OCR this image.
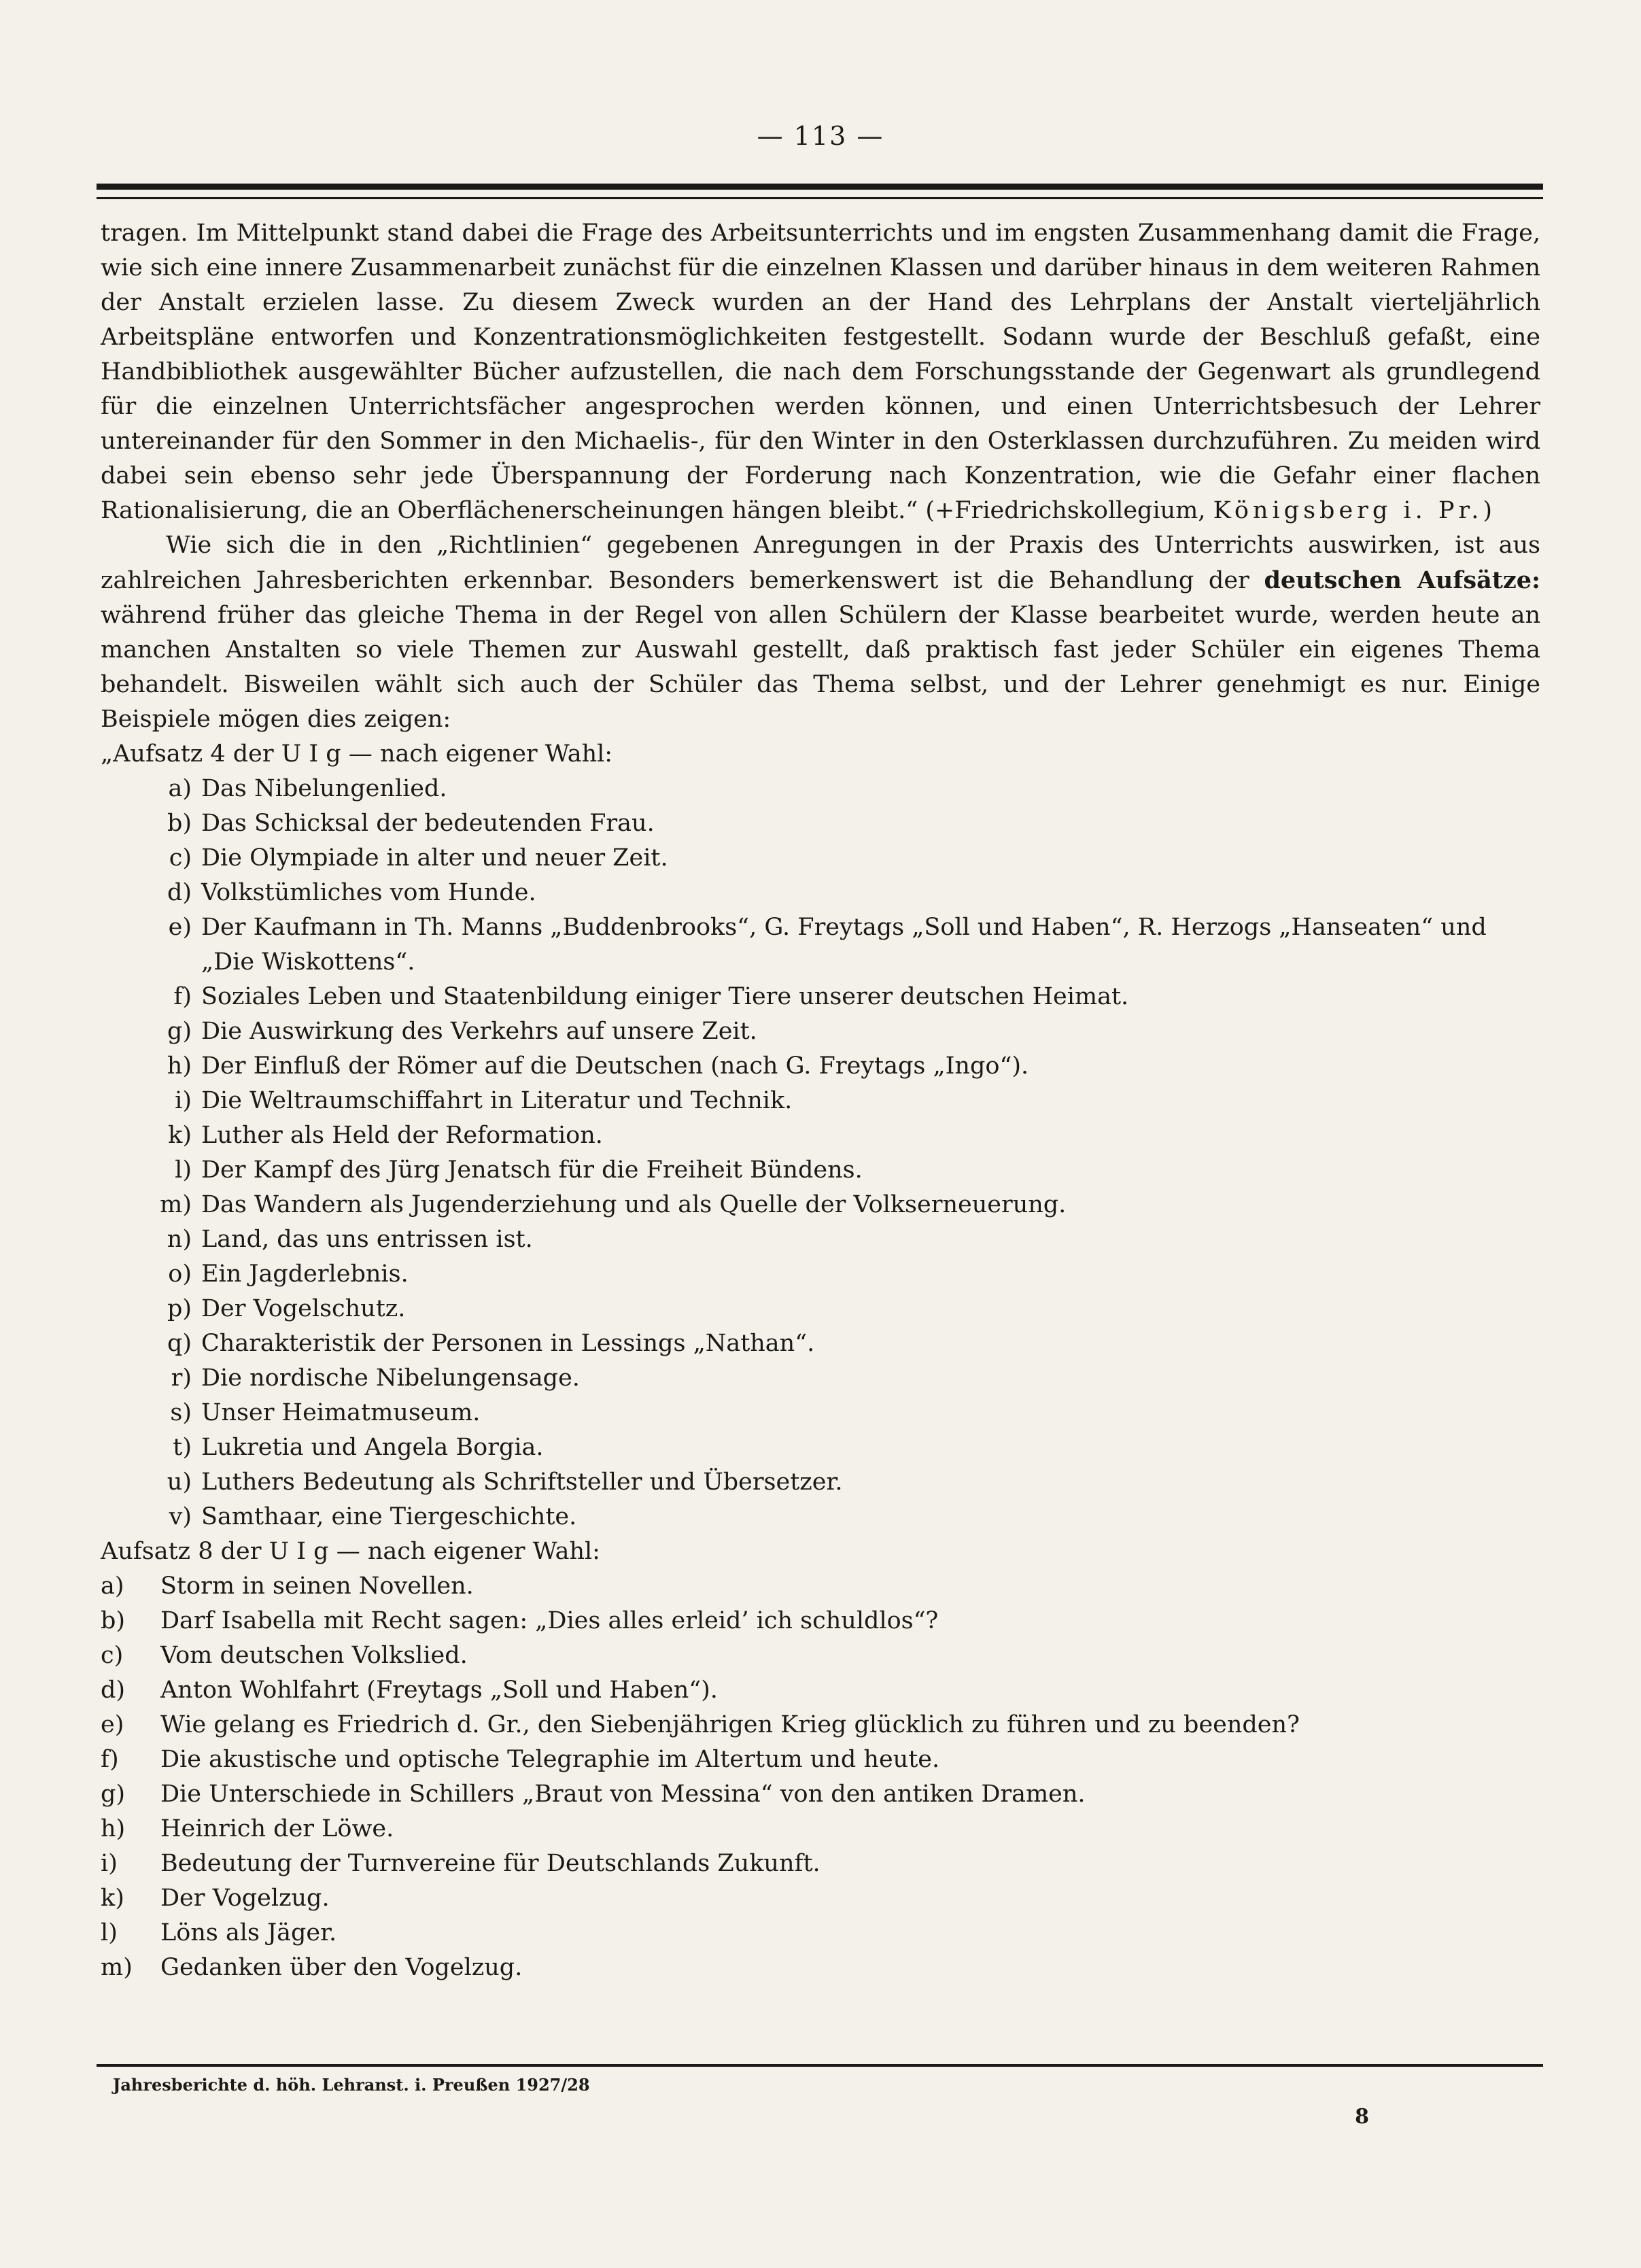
— 113 —

tragen. Im Mittelpunkt stand dabei die Frage des Arbeitsunterrichts und im engsten Zusammenhang damit die Frage, wie sich eine innere Zusammenarbeit zunächst für die einzelnen Klassen und darüber hinaus in dem weiteren Rahmen der Anstalt erzielen lasse. Zu diesem Zweck wurden an der Hand des Lehrplans der Anstalt vierteljährlich Arbeitspläne entworfen und Konzentrationsmöglichkeiten festgestellt. Sodann wurde der Beschluß gefaßt, eine Handbibliothek ausgewählter Bücher aufzustellen, die nach dem Forschungsstande der Gegenwart als grundlegend für die einzelnen Unterrichtsfächer angesprochen werden können, und einen Unterrichtsbesuch der Lehrer untereinander für den Sommer in den Michaelis-, für den Winter in den Osterklassen durchzuführen. Zu meiden wird dabei sein ebenso sehr jede Überspannung der Forderung nach Konzentration, wie die Gefahr einer flachen Rationalisierung, die an Oberflächenerscheinungen hängen bleibt.“ (+Friedrichskollegium, Königsberg i. Pr.)

Wie sich die in den „Richtlinien“ gegebenen Anregungen in der Praxis des Unterrichts auswirken, ist aus zahlreichen Jahresberichten erkennbar. Besonders bemerkenswert ist die Behandlung der deutschen Aufsätze: während früher das gleiche Thema in der Regel von allen Schülern der Klasse bearbeitet wurde, werden heute an manchen Anstalten so viele Themen zur Auswahl gestellt, daß praktisch fast jeder Schüler ein eigenes Thema behandelt. Bisweilen wählt sich auch der Schüler das Thema selbst, und der Lehrer genehmigt es nur. Einige Beispiele mögen dies zeigen:

„Aufsatz 4 der U I g — nach eigener Wahl:

a) Das Nibelungenlied.
b) Das Schicksal der bedeutenden Frau.
c) Die Olympiade in alter und neuer Zeit.
d) Volkstümliches vom Hunde.
e) Der Kaufmann in Th. Manns „Buddenbrooks“, G. Freytags „Soll und Haben“, R. Herzogs „Hanseaten“ und „Die Wiskottens“.
f) Soziales Leben und Staatenbildung einiger Tiere unserer deutschen Heimat.
g) Die Auswirkung des Verkehrs auf unsere Zeit.
h) Der Einfluß der Römer auf die Deutschen (nach G. Freytags „Ingo“).
i) Die Weltraumschiffahrt in Literatur und Technik.
k) Luther als Held der Reformation.
l) Der Kampf des Jürg Jenatsch für die Freiheit Bündens.
m) Das Wandern als Jugenderziehung und als Quelle der Volkserneuerung.
n) Land, das uns entrissen ist.
o) Ein Jagderlebnis.
p) Der Vogelschutz.
q) Charakteristik der Personen in Lessings „Nathan“.
r) Die nordische Nibelungensage.
s) Unser Heimatmuseum.
t) Lukretia und Angela Borgia.
u) Luthers Bedeutung als Schriftsteller und Übersetzer.
v) Samthaar, eine Tiergeschichte.

Aufsatz 8 der U I g — nach eigener Wahl:

a)	Storm in seinen Novellen.
b)	Darf Isabella mit Recht sagen: „Dies alles erleid’ ich schuldlos“?
c)	Vom deutschen Volkslied.
d)	Anton Wohlfahrt (Freytags „Soll und Haben“).
e)	Wie gelang es Friedrich d. Gr., den Siebenjährigen Krieg glücklich zu führen und zu beenden?
f)	Die akustische und optische Telegraphie im Altertum und heute.
g)	Die Unterschiede in Schillers „Braut von Messina“ von den antiken Dramen.
h)	Heinrich der Löwe.
i)	Bedeutung der Turnvereine für Deutschlands Zukunft.
k)	Der Vogelzug.
l)	Löns als Jäger.
m)	Gedanken über den Vogelzug.
Jahresberichte d. höh. Lehranst. i. Preußen 1927/28
8
